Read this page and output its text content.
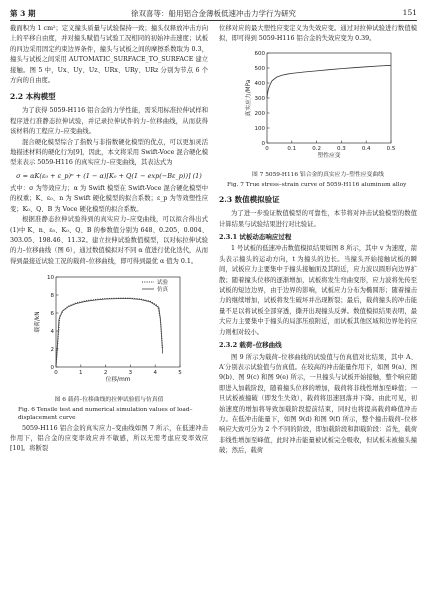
第 3 期	徐双喜等：船用铝合金薄板低速冲击力学行为研究	151

截面积为 1 cm²；定义撞头质量与试验保持一致；撞头仅释放冲击方向上的平移自由度，并对撞头赋值与试验工况相同的初始冲击速度；试板的四边采用固定约束边界条件，撞头与试板之间的摩擦系数取为 0.3，撞头与试板之间采用 AUTOMATIC_SURFACE_TO_SURFACE 建立接触。图 5 中，Ux、Uy、Uz、URx、URy、URz 分别为节点 6 个方向的自由度。

2.2 本构模型

为了获得 5059-H116 铝合金的力学性能，需采用标准拉伸试样和程序进行准静态拉伸试验，并记录拉伸试件的力–位移曲线，从而获得该材料的工程应力–应变曲线。

混合硬化模型综合了指数与非指数硬化模型的优点，可以更加灵活地描述材料的硬化行为[9]，因此，本文将采用 Swift-Voce 混合硬化模型来表示 5059-H116 的真实应力–应变曲线，其表达式为

σ = αK(ε₀ + ε_p)ⁿ + (1 − α)[K₀ + Q(1 − exp(−Bε_p))] (1)

式中：σ 为等效应力；α 为 Swift 模型在 Swift-Voce 混合硬化模型中的权重；K、ε₀、n 为 Swift 硬化模型的拟合系数；ε_p 为等效塑性应变；K₀、Q、B 为 Voce 硬化模型的拟合系数。

根据准静态拉伸试验得到的真实应力–应变曲线，可以拟合得出式(1)中 K、n、ε₀、K₀、Q、B 的参数值分别为 648、0.205、0.004、303.05、198.46、11.32。建立拉伸试验数值模型，以对标拉伸试验的力–位移曲线（图 6），通过数值模拟对不同 α 值进行优化迭代，从而得到最接近试验工况的载荷–位移曲线，即可得到最优 α 值为 0.1。

0	1	2	3	4	5
0
2
4
6
8
10
位移/mm
载荷/kN
试验
仿真
图 6 载荷–位移曲线的拉伸试验值与仿真值
Fig. 6 Tensile test and numerical simulation values of load–displacement curve

5059-H116 铝合金的真实应力–变曲线如图 7 所示，在低速冲击作用下，铝合金的应变率效应并不敏感，所以无需考虑应变率效应[10]。将断裂

位移对应的最大塑性应变定义为失效应变。通过对拉伸试验进行数值模拟，即可得到 5059-H116 铝合金的失效应变为 0.39。

0	0.1	0.2	0.3	0.4	0.5
0
100
200
300
400
500
600
塑性应变
真实应力/MPa
图 7 5059-H116 铝合金的真实应力–塑性应变曲线
Fig. 7 True stress–strain curve of 5059-H116 aluminum alloy
2.3 数值模拟验证

为了进一步验证数值模型的可靠性，本节将对冲击试验模型的数值计算结果与试验结果进行对比验证。

2.3.1 试板动态响应过程

1 号试板的低速冲击数值模拟结果如图 8 所示，其中 v 为速度，箭头表示撞头的运动方向，t 为撞头的边长。当撞头开始接触试板的瞬间，试板应力主要集中于撞头接触面及其附近，应力波以圆形向边界扩散；随着撞头位移的逐渐增加，试板将发生弯曲变形，应力波将先传至试板的短边边界，由于边界的影响，试板应力分布为椭圆形；随着撞击力的继续增加，试板将发生破坏并出现断裂；最后，载荷撞头的冲击能量不足以将试板全部穿透，撕开出现撞头反弹。数值模拟结果表明，最大应力主要集中于撞头的局部压痕附近，而试板其他区域和边界处的应力则相对较小。

2.3.2 载荷–位移曲线

图 9 所示为载荷–位移曲线的试验值与仿真值对比结果，其中 A、A′分别表示试验值与仿真值。在较高的冲击能量作用下，如图 9(a)、图 9(b)、图 9(c) 和图 9(e) 所示，一旦撞头与试板开始接触，整个响应随即进入加载阶段，随着撞头位移的增加，载荷将非线性增加至峰值；一旦试板被撞破（即发生失效），载荷将迅速回落并下降。由此可见，初始速度的增加将导致加载阶段提前结束，同时也将提高载荷峰值冲击力。在低冲击能量下，如图 9(d) 和图 9(f) 所示，整个撞击载荷–位移响应大致可分为 2 个不同的阶段，即加载阶段和卸载阶段：首先，载荷非线性增加至峰值，此时冲击能量被试板完全吸收，但试板未被撞头撞破；然后，载荷
